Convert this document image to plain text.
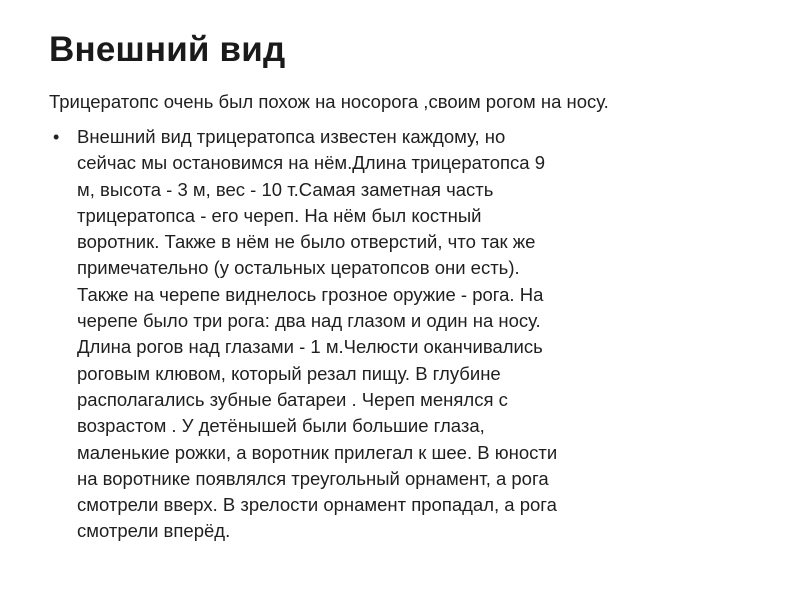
Внешний вид

Трицератопс очень был похож на носорога ,своим рогом на носу.

• Внешний вид трицератопса известен каждому, но
сейчас мы остановимся на нём.Длина трицератопса 9
м, высота - 3 м, вес - 10 т.Самая заметная часть
трицератопса - его череп. На нём был костный
воротник. Также в нём не было отверстий, что так же
примечательно (у остальных цератопсов они есть).
Также на черепе виднелось грозное оружие - рога. На
черепе было три рога: два над глазом и один на носу.
Длина рогов над глазами - 1 м.Челюсти оканчивались
роговым клювом, который резал пищу. В глубине
располагались зубные батареи . Череп менялся с
возрастом . У детёнышей были большие глаза,
маленькие рожки, а воротник прилегал к шее. В юности
на воротнике появлялся треугольный орнамент, а рога
смотрели вверх. В зрелости орнамент пропадал, а рога
смотрели вперёд.
